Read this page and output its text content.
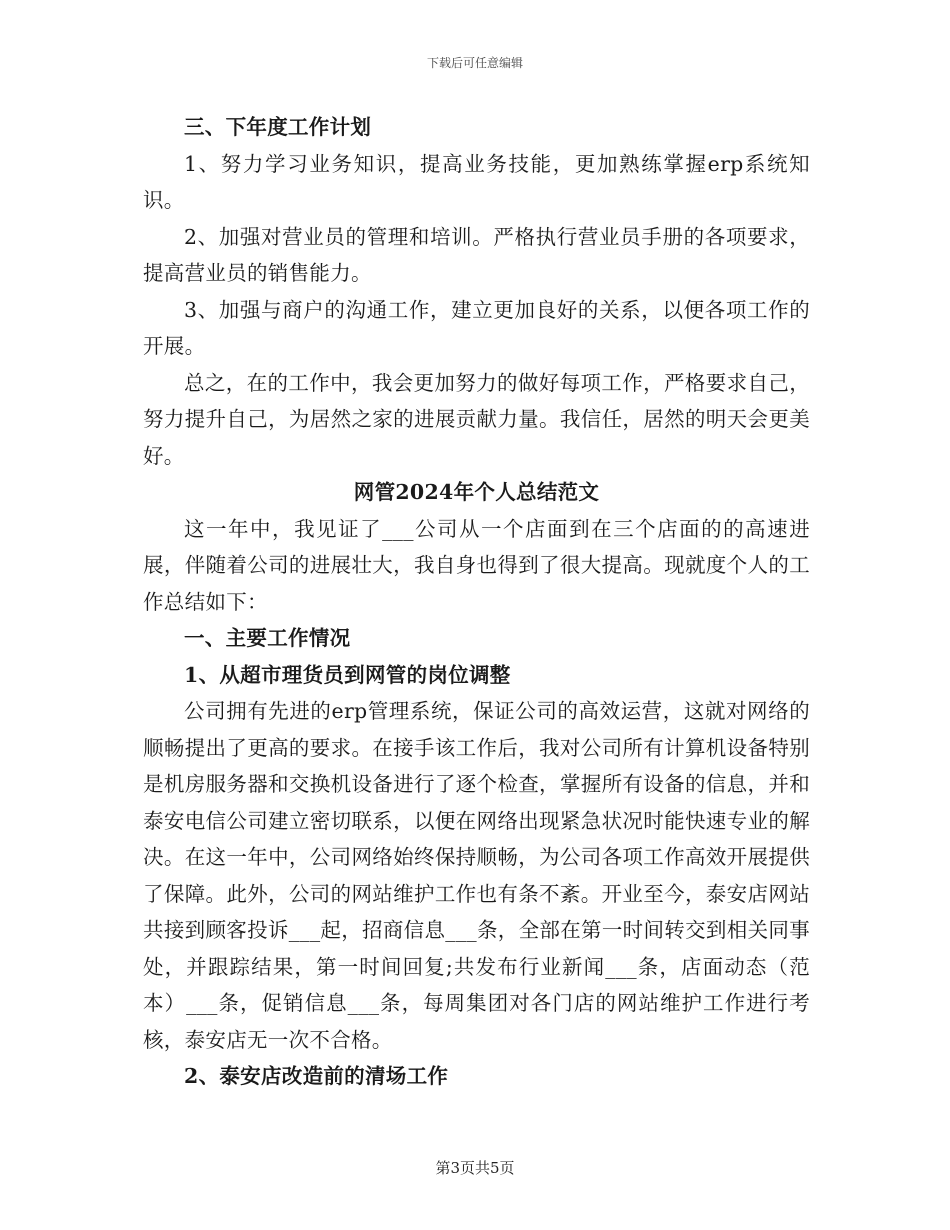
下载后可任意编辑

三、下年度工作计划

1、努力学习业务知识，提高业务技能，更加熟练掌握erp系统知识。

2、加强对营业员的管理和培训。严格执行营业员手册的各项要求，提高营业员的销售能力。

3、加强与商户的沟通工作，建立更加良好的关系，以便各项工作的开展。

总之，在的工作中，我会更加努力的做好每项工作，严格要求自己，努力提升自己，为居然之家的进展贡献力量。我信任，居然的明天会更美好。

网管2024年个人总结范文

这一年中，我见证了___公司从一个店面到在三个店面的的高速进展，伴随着公司的进展壮大，我自身也得到了很大提高。现就度个人的工作总结如下：

一、主要工作情况

1、从超市理货员到网管的岗位调整

公司拥有先进的erp管理系统，保证公司的高效运营，这就对网络的顺畅提出了更高的要求。在接手该工作后，我对公司所有计算机设备特别是机房服务器和交换机设备进行了逐个检查，掌握所有设备的信息，并和泰安电信公司建立密切联系，以便在网络出现紧急状况时能快速专业的解决。在这一年中，公司网络始终保持顺畅，为公司各项工作高效开展提供了保障。此外，公司的网站维护工作也有条不紊。开业至今，泰安店网站共接到顾客投诉___起，招商信息___条，全部在第一时间转交到相关同事处，并跟踪结果，第一时间回复;共发布行业新闻___条，店面动态（范本）___条，促销信息___条，每周集团对各门店的网站维护工作进行考核，泰安店无一次不合格。

2、泰安店改造前的清场工作

第3页共5页
